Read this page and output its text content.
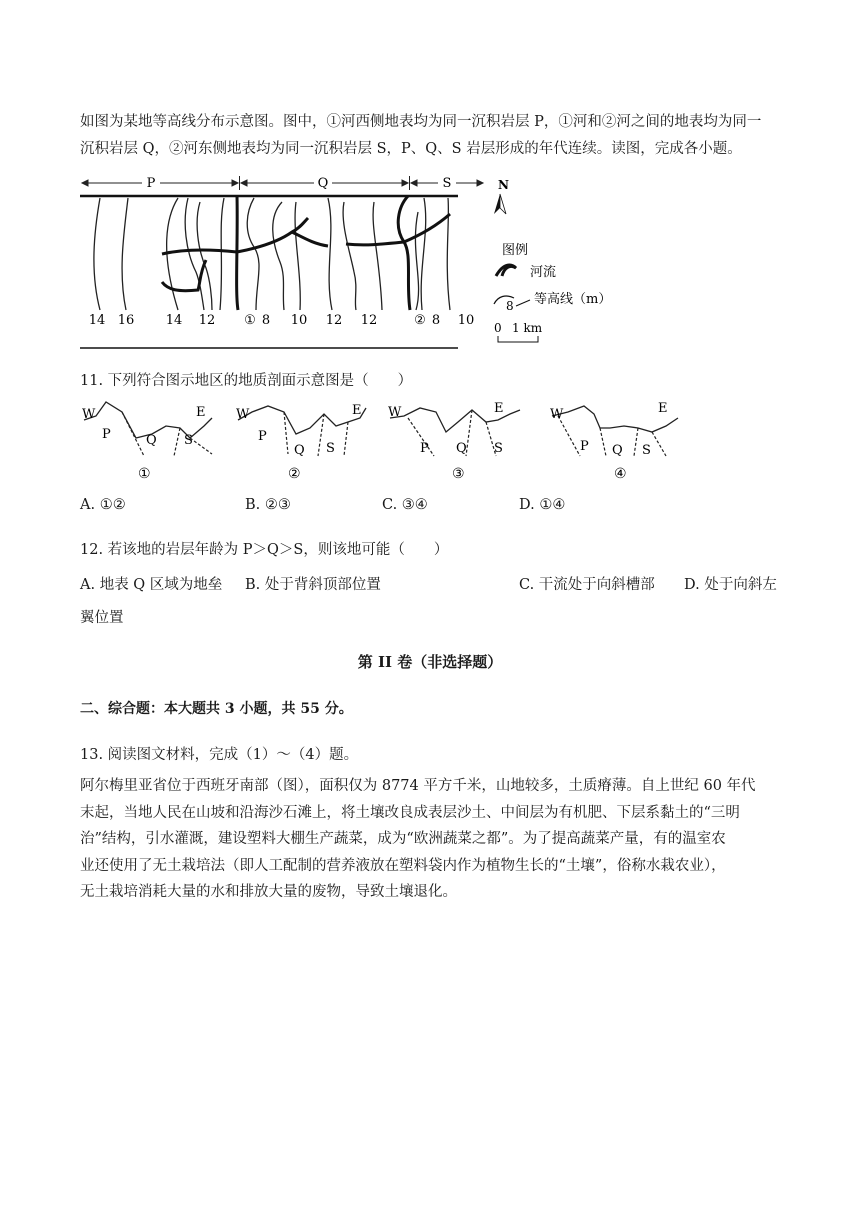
如图为某地等高线分布示意图。图中，①河西侧地表均为同一沉积岩层 P，①河和②河之间的地表均为同一
沉积岩层 Q，②河东侧地表均为同一沉积岩层 S，P、Q、S 岩层形成的年代连续。读图，完成各小题。
P	Q	S
14 16 14 12 ① 8 10 12 12	② 8 10
N
图例
河流
8 等高线（m）
0 1 km
11. 下列符合图示地区的地质剖面示意图是（　　）
W	E
P	Q S
①
W	E
P
Q S
②
W	E
P Q S
③
W	E
P Q S
④
A. ①②	B. ②③	C. ③④	D. ①④
12. 若该地的岩层年龄为 P＞Q＞S，则该地可能（　　）
A. 地表 Q 区域为地垒 B. 处于背斜顶部位置	C. 干流处于向斜槽部 D. 处于向斜左
翼位置
第 II 卷（非选择题）
二、综合题：本大题共 3 小题，共 55 分。
13. 阅读图文材料，完成（1）～（4）题。
阿尔梅里亚省位于西班牙南部（图），面积仅为 8774 平方千米，山地较多，土质瘠薄。自上世纪 60 年代
末起，当地人民在山坡和沿海沙石滩上，将土壤改良成表层沙土、中间层为有机肥、下层系黏土的“三明
治”结构，引水灌溉，建设塑料大棚生产蔬菜，成为“欧洲蔬菜之都”。为了提高蔬菜产量，有的温室农
业还使用了无土栽培法（即人工配制的营养液放在塑料袋内作为植物生长的“土壤”，俗称水栽农业），
无土栽培消耗大量的水和排放大量的废物，导致土壤退化。
